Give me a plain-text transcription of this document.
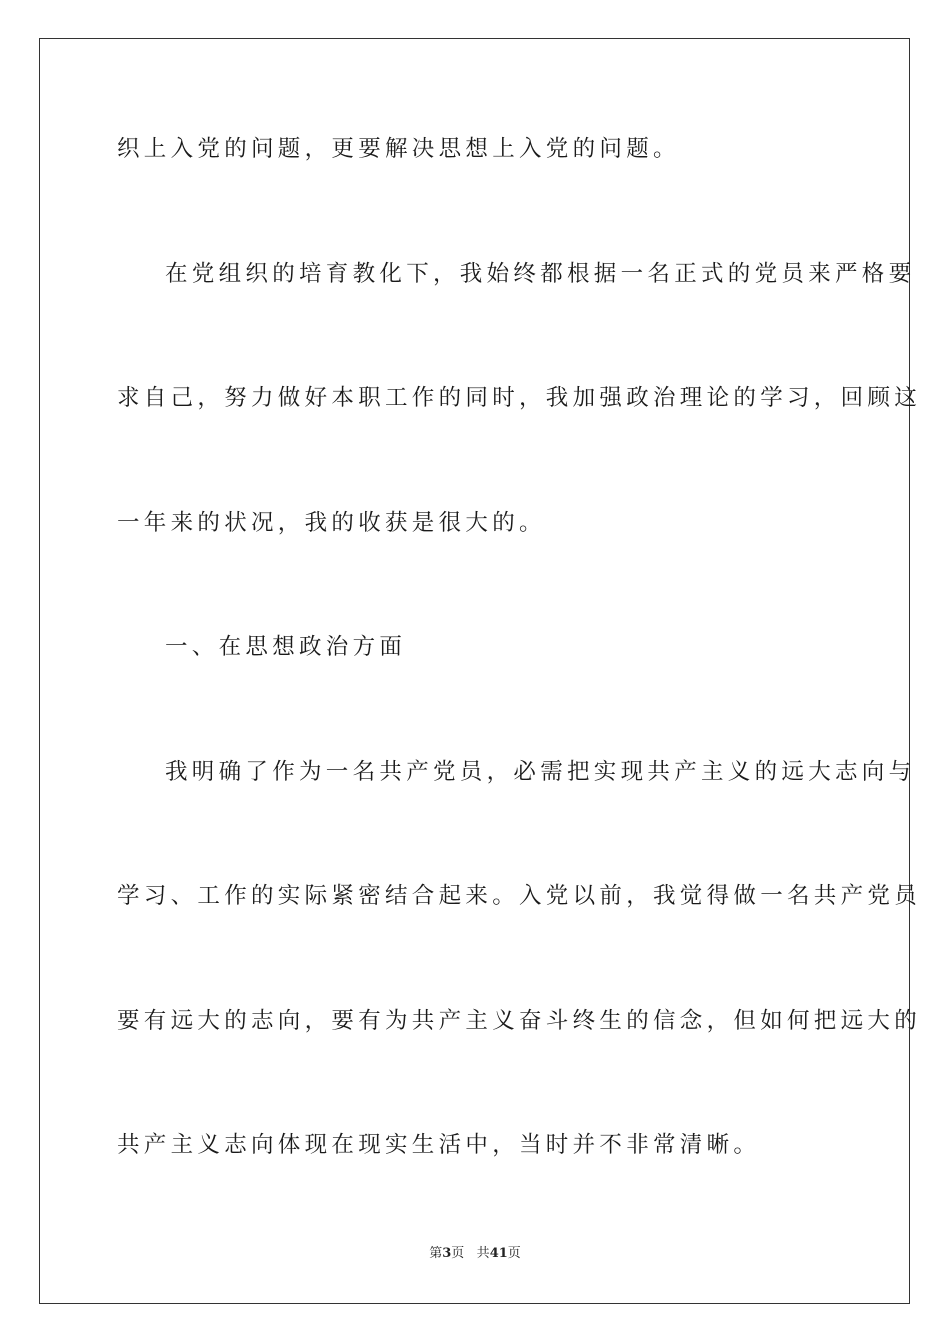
织上入党的问题，更要解决思想上入党的问题。
在党组织的培育教化下，我始终都根据一名正式的党员来严格要
求自己，努力做好本职工作的同时，我加强政治理论的学习，回顾这
一年来的状况，我的收获是很大的。
一、在思想政治方面
我明确了作为一名共产党员，必需把实现共产主义的远大志向与
学习、工作的实际紧密结合起来。入党以前，我觉得做一名共产党员
要有远大的志向，要有为共产主义奋斗终生的信念，但如何把远大的
共产主义志向体现在现实生活中，当时并不非常清晰。
第3页 共41页
